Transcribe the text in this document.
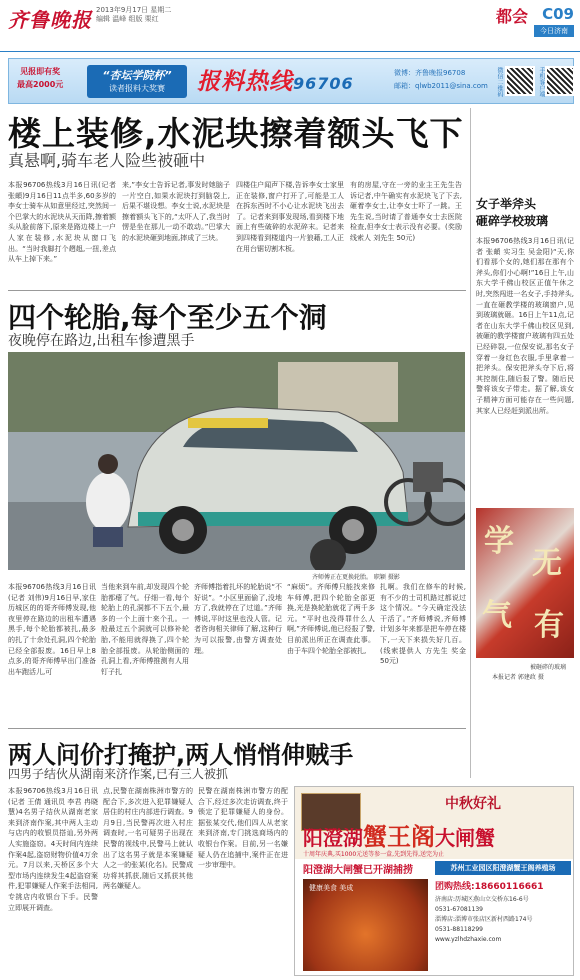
齐鲁晚报 2013年9月17日 星期二
编辑 温峰 组版 栗红	都会 C09
今日济南
见报即有奖
最高2000元
“杏坛学院杯”
读者报料大奖赛	报料热线96706
微博：齐鲁晚报96708
邮箱：qlwb2011@sina.com 微信二维码	手机客户端
楼上装修,水泥块擦着额头飞下
真悬啊,骑车老人险些被砸中
本报96706热线3月16日讯(记者 张頔)9月16日11点半多,60多岁的李女士骑车从如意里经过,突然间一个巴掌大的水泥块从天而降,擦着额头从脸前落下,原来是路边楼上一户人家在装修,水泥块从窗口飞出。“当时我脚打个趔趄,一扭,差点从车上掉下来。”
来,”李女士告诉记者,事发时她脑子一片空白,如果水泥块打到脑袋上,后果不堪设想。李女士说,水泥块是擦着额头飞下的,“太吓人了,我当时愣是坐在那儿一动不敢动。”巴掌大的水泥块砸到地面,摔成了三块。
四楼住户闻声下楼,告诉李女士家里正在装修,窗户打开了,可能是工人在拆东西时不小心让水泥块飞出去了。记者来到事发现场,看到楼下地面上有些破碎的水泥碎末。记者来到四楼看到楼道内一片狼藉,工人正在用台锯切割木板。
有的房屋,守在一旁的业主王先生告诉记者,中午确实有水泥块飞了下去,砸着李女士,让李女士吓了一跳。王先生说,当时请了普通李女士去医院检查,但李女士表示没有必要。(奖励线索人 刘先生 50元)
四个轮胎,每个至少五个洞
夜晚停在路边,出租车惨遭黑手
齐师傅正在更换轮胎。 职颖 摄影
本报96706热线3月16日讯(记者 刘伟)9月16日早,家住历城区的的哥齐师傅发现,他夜里停在路边的出租车遭遇黑手,每个轮胎都被扎,最多的扎了十余处孔洞,四个轮胎已经全部报废。16日早上8点多,的哥齐师傅早出门准备出车跑活儿,可
当他来到车前,却发现四个轮胎都瘪了气。仔细一看,每个轮胎上的孔洞都不下五个,最多的一个上面十来个孔。一般最过五个洞就可以修补轮胎,不能用就得换了,四个轮胎全部报废。从轮胎侧面的孔洞上看,齐师傅推测有人用钉子扎
齐师傅指着扎坏的轮胎说“不好说”。“小区里面偷了,没地方了,我就停在了过道。”齐师傅说,平时这里也没人管。记者咨询相关律师了解,这种行为可以报警,由警方调查处理。
“麻烦”。齐师傅只能找来修车师傅,把四个轮胎全部更换,光是换轮胎就花了两千多元。“平时也没得罪什么人啊,”齐师傅说,他已经报了警,目前派出所正在调查此事。由于车四个轮胎全部被扎,
扎啊。我们在修车的时候,有不少的士司机路过都说过这个情况。“今天确定没法干活了。”齐师傅说,齐师傅计划多年来都是把车停在楼下,一天下来损失好几百。(线索提供人 方先生 奖金50元)
两人问价打掩护,两人悄悄伸贼手
四男子结伙从湖南来济作案,已有三人被抓
本报96706热线3月16日讯(记者 王倩 通讯员 李君 冉晓慧)4名男子结伙从湖南老家来到济南作案,其中两人主动与店内的收银员搭讪,另外两人实施盗窃。4天时间内连续作案4起,盗窃财物价值4万余元。7月以来,天桥区多个大型市场内连续发生4起盗窃案件,犯罪嫌疑人作案手法相同,专挑店内收银台下手。民警立即展开调查。
点,民警在湖南株洲市警方的配合下,多次进入犯罪嫌疑人居住的村庄内部进行调查。9月9日,当民警再次进入村庄调查时,一名可疑男子出现在民警的视线中,民警马上就认出了这名男子就是本案嫌疑人之一的张某(化名)。民警成功将其抓获,随后又抓获其他两名嫌疑人。
民警在湖南株洲市警方的配合下,经过多次走访调查,终于锁定了犯罪嫌疑人的身份。据张某交代,他们四人从老家来到济南,专门挑选商场内的收银台作案。目前,另一名嫌疑人仍在追捕中,案件正在进一步审理中。
女子举斧头
砸碎学校玻璃
本报96706热线3月16日讯(记者 张頔 实习生 吴金阳)“天,你们看那个女的,她们那在那有个斧头,你们小心啊!”16日上午,山东大学千佛山校区正值午休之时,突然闯进一名女子,手持斧头,一直在砸教学楼的玻璃窗户,见到玻璃就砸。16日上午11点,记者在山东大学千佛山校区见到,被砸的教学楼窗户玻璃有四五处已经碎裂,一位保安说,那名女子穿着一身红色衣服,手里拿着一把斧头。保安把斧头夺下后,将其控制住,随后报了警。随后民警将该女子带走。据了解,该女子精神方面可能存在一些问题,其家人已经赶到派出所。
学
无
气 有
被砸碎的玻璃
本报记者 郭建政 摄
中秋好礼
阳澄湖蟹王阁大闸蟹
十周年庆典,买1000元送等参一盒,先到先得,送完为止
阳澄湖大闸蟹已开湖捕捞	苏州工业园区阳澄湖蟹王阁养殖场
团购热线:18660116661
健康美食 美成
济南店:历城区燕山立交桥东16-6号
0531-67081139
淄博店:淄博市张店区新村西路174号
0531-88118299
www.yzlhdzhaxie.com
